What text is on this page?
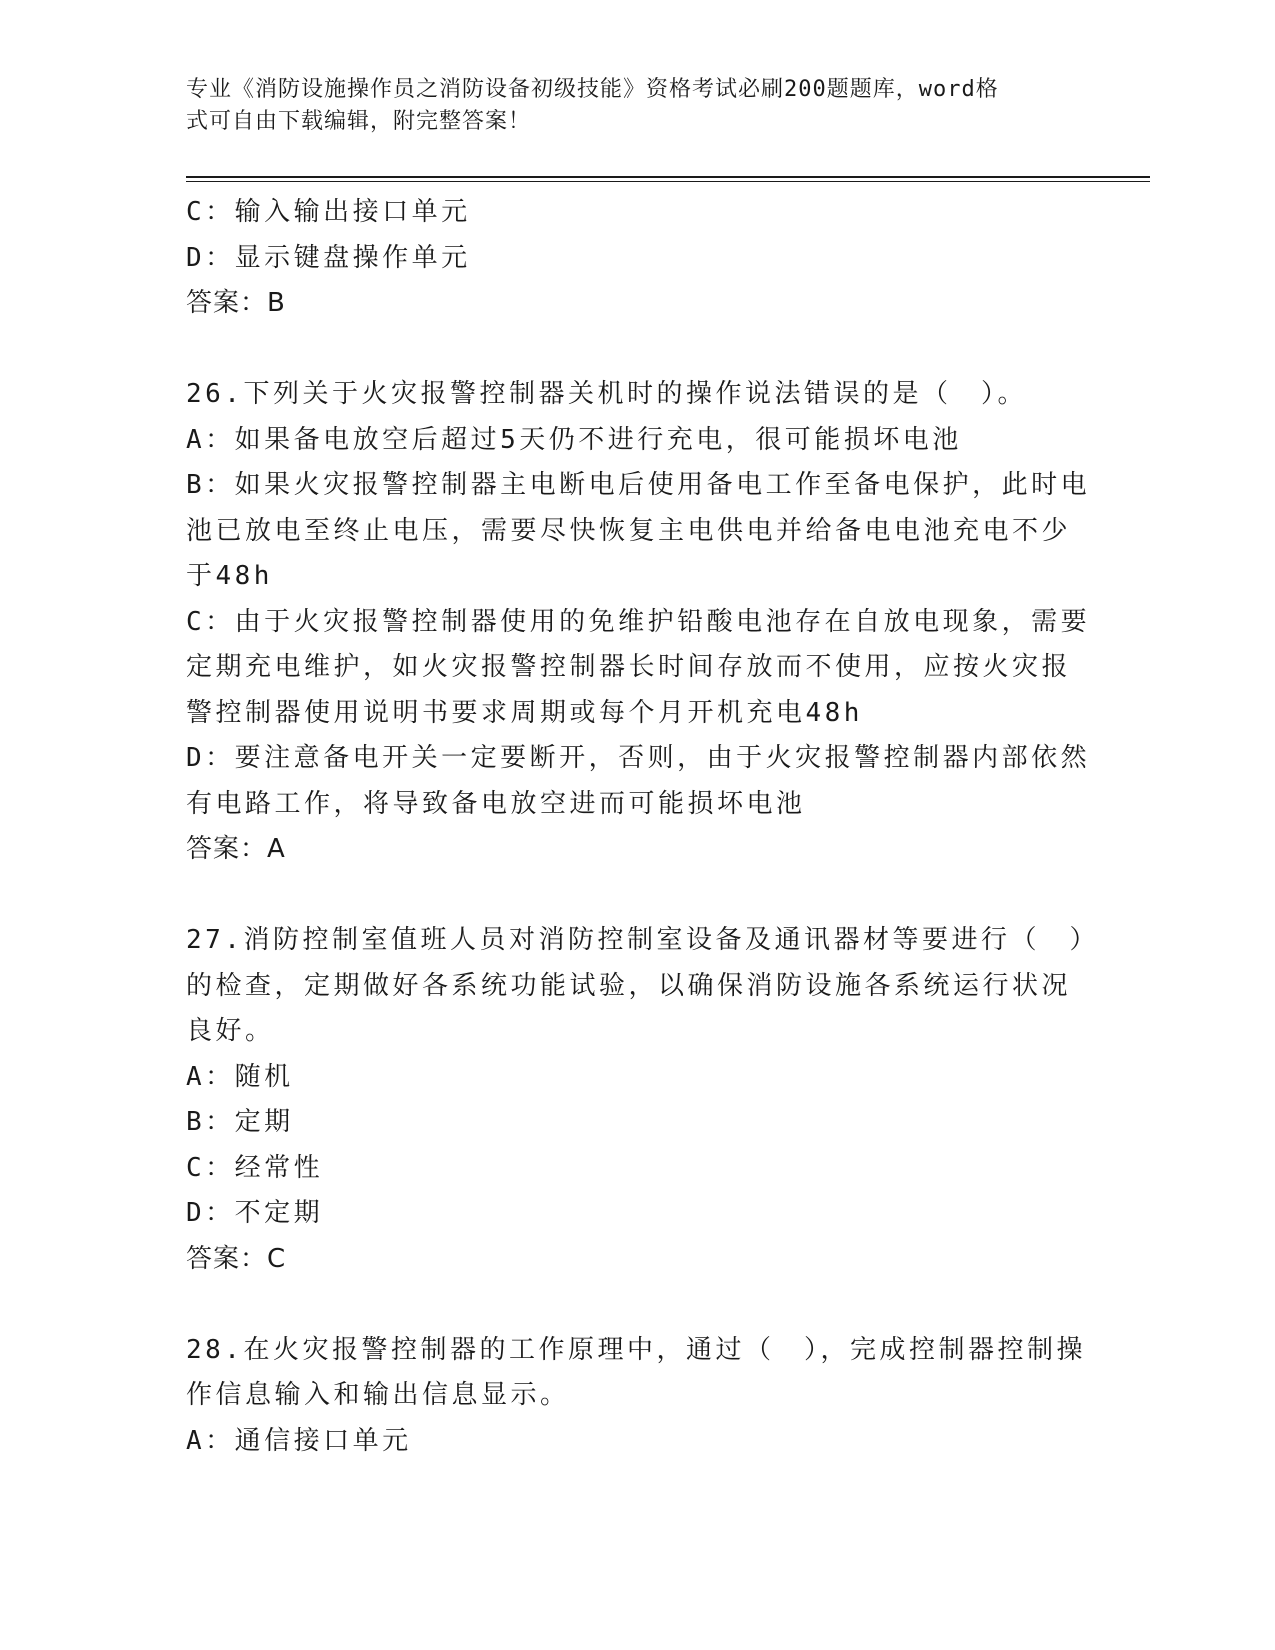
专业《消防设施操作员之消防设备初级技能》资格考试必刷200题题库，word格
式可自由下载编辑，附完整答案！
C：输入输出接口单元
D：显示键盘操作单元
答案：B
26.下列关于火灾报警控制器关机时的操作说法错误的是（　）。
A：如果备电放空后超过5天仍不进行充电，很可能损坏电池
B：如果火灾报警控制器主电断电后使用备电工作至备电保护，此时电
池已放电至终止电压，需要尽快恢复主电供电并给备电电池充电不少
于48h
C：由于火灾报警控制器使用的免维护铅酸电池存在自放电现象，需要
定期充电维护，如火灾报警控制器长时间存放而不使用，应按火灾报
警控制器使用说明书要求周期或每个月开机充电48h
D：要注意备电开关一定要断开，否则，由于火灾报警控制器内部依然
有电路工作，将导致备电放空进而可能损坏电池
答案：A
27.消防控制室值班人员对消防控制室设备及通讯器材等要进行（　）
的检查，定期做好各系统功能试验，以确保消防设施各系统运行状况
良好。
A：随机
B：定期
C：经常性
D：不定期
答案：C
28.在火灾报警控制器的工作原理中，通过（　），完成控制器控制操
作信息输入和输出信息显示。
A：通信接口单元
